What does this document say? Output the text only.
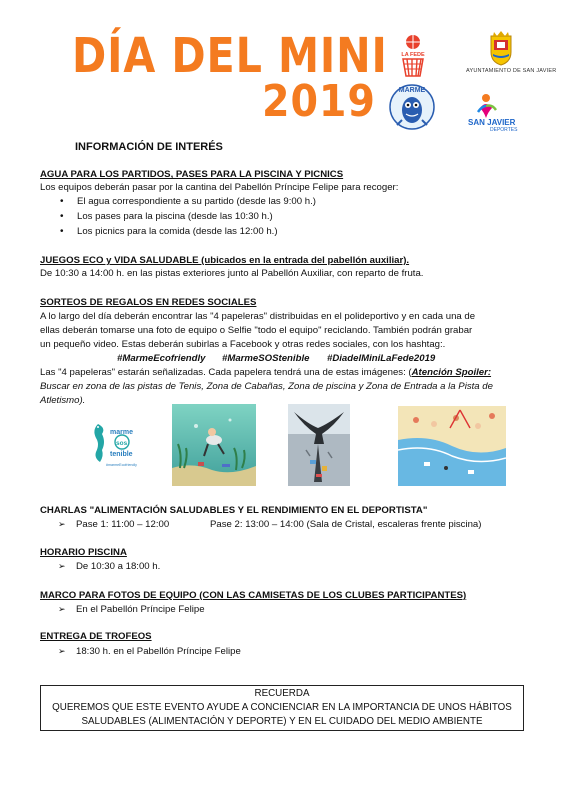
DÍA DEL MINI
2019
LA FEDE
AYUNTAMIENTO DE SAN JAVIER
MARME
SAN JAVIER
DEPORTES
INFORMACIÓN DE INTERÉS
AGUA PARA LOS PARTIDOS, PASES PARA LA PISCINA Y PICNICS
Los equipos deberán pasar por la cantina del Pabellón Príncipe Felipe para recoger:
• El agua correspondiente a su partido (desde las 9:00 h.)
• Los pases para la piscina (desde las 10:30 h.)
• Los picnics para la comida (desde las 12:00 h.)
JUEGOS ECO y VIDA SALUDABLE (ubicados en la entrada del pabellón auxiliar).
De 10:30 a 14:00 h. en las pistas exteriores junto al Pabellón Auxiliar, con reparto de fruta.
SORTEOS DE REGALOS EN REDES SOCIALES
A lo largo del día deberán encontrar las "4 papeleras" distribuidas en el polideportivo y en cada una de
ellas deberán tomarse una foto de equipo o Selfie "todo el equipo" reciclando. También podrán grabar
un pequeño video. Estas deberán subirlas a Facebook y otras redes sociales, con los hashtag:.
#MarmeEcofriendly #MarmeSOStenible #DiadelMiniLaFede2019
Las "4 papeleras" estarán señalizadas. Cada papelera tendrá una de estas imágenes: (Atención Spoiler:
Buscar en zona de las pistas de Tenis, Zona de Cabañas, Zona de piscina y Zona de Entrada a la Pista de
Atletismo).
marme
sos
tenible
#marmeEcofriendly
CHARLAS "ALIMENTACIÓN SALUDABLES Y EL RENDIMIENTO EN EL DEPORTISTA"
➢ Pase 1: 11:00 – 12:00	Pase 2: 13:00 – 14:00 (Sala de Cristal, escaleras frente piscina)
HORARIO PISCINA
➢ De 10:30 a 18:00 h.
MARCO PARA FOTOS DE EQUIPO (CON LAS CAMISETAS DE LOS CLUBES PARTICIPANTES)
➢ En el Pabellón Príncipe Felipe
ENTREGA DE TROFEOS
➢ 18:30 h. en el Pabellón Príncipe Felipe
RECUERDA
QUEREMOS QUE ESTE EVENTO AYUDE A CONCIENCIAR EN LA IMPORTANCIA DE UNOS HÁBITOS
SALUDABLES (ALIMENTACIÓN Y DEPORTE) Y EN EL CUIDADO DEL MEDIO AMBIENTE
